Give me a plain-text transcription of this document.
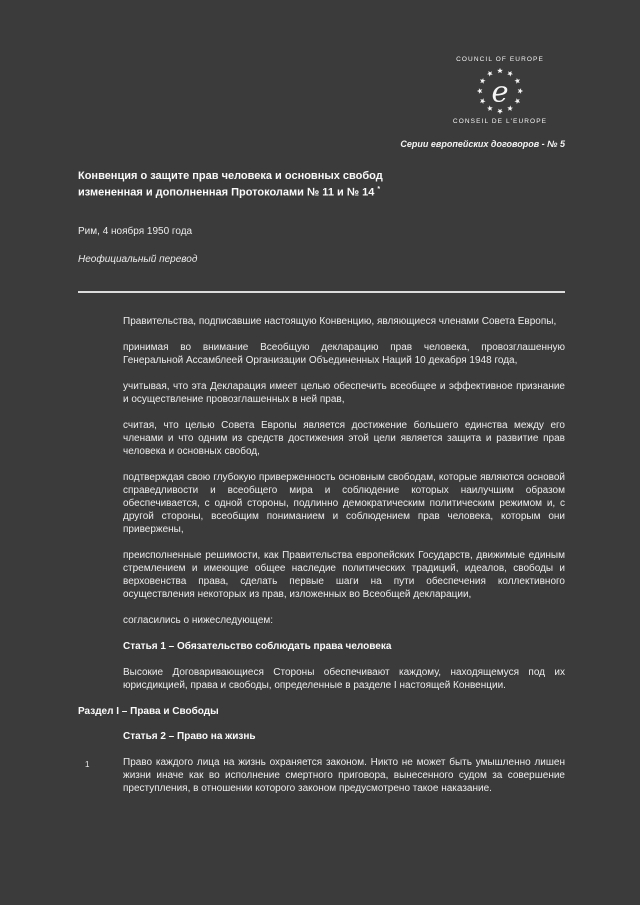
COUNCIL OF EUROPE
e
CONSEIL DE L'EUROPE
Серии европейских договоров - № 5
Конвенция о защите прав человека и основных свобод
измененная и дополненная Протоколами № 11 и № 14 *

Рим, 4 ноября 1950 года

Неофициальный перевод

Правительства, подписавшие настоящую Конвенцию, являющиеся членами Совета Европы,

принимая во внимание Всеобщую декларацию прав человека, провозглашенную Генеральной Ассамблеей Организации Объединенных Наций 10 декабря 1948 года,

учитывая, что эта Декларация имеет целью обеспечить всеобщее и эффективное признание и осуществление провозглашенных в ней прав,

считая, что целью Совета Европы является достижение большего единства между его членами и что одним из средств достижения этой цели является защита и развитие прав человека и основных свобод,

подтверждая свою глубокую приверженность основным свободам, которые являются основой справедливости и всеобщего мира и соблюдение которых наилучшим образом обеспечивается, с одной стороны, подлинно демократическим политическим режимом и, с другой стороны, всеобщим пониманием и соблюдением прав человека, которым они привержены,

преисполненные решимости, как Правительства европейских Государств, движимые единым стремлением и имеющие общее наследие политических традиций, идеалов, свободы и верховенства права, сделать первые шаги на пути обеспечения коллективного осуществления некоторых из прав, изложенных во Всеобщей декларации,

согласились о нижеследующем:

Статья 1 – Обязательство соблюдать права человека

Высокие Договаривающиеся Стороны обеспечивают каждому, находящемуся под их юрисдикцией, права и свободы, определенные в разделе I настоящей Конвенции.

Раздел I – Права и Свободы
Статья 2 – Право на жизнь

1	Право каждого лица на жизнь охраняется законом. Никто не может быть умышленно лишен жизни иначе как во исполнение смертного приговора, вынесенного судом за совершение преступления, в отношении которого законом предусмотрено такое наказание.
